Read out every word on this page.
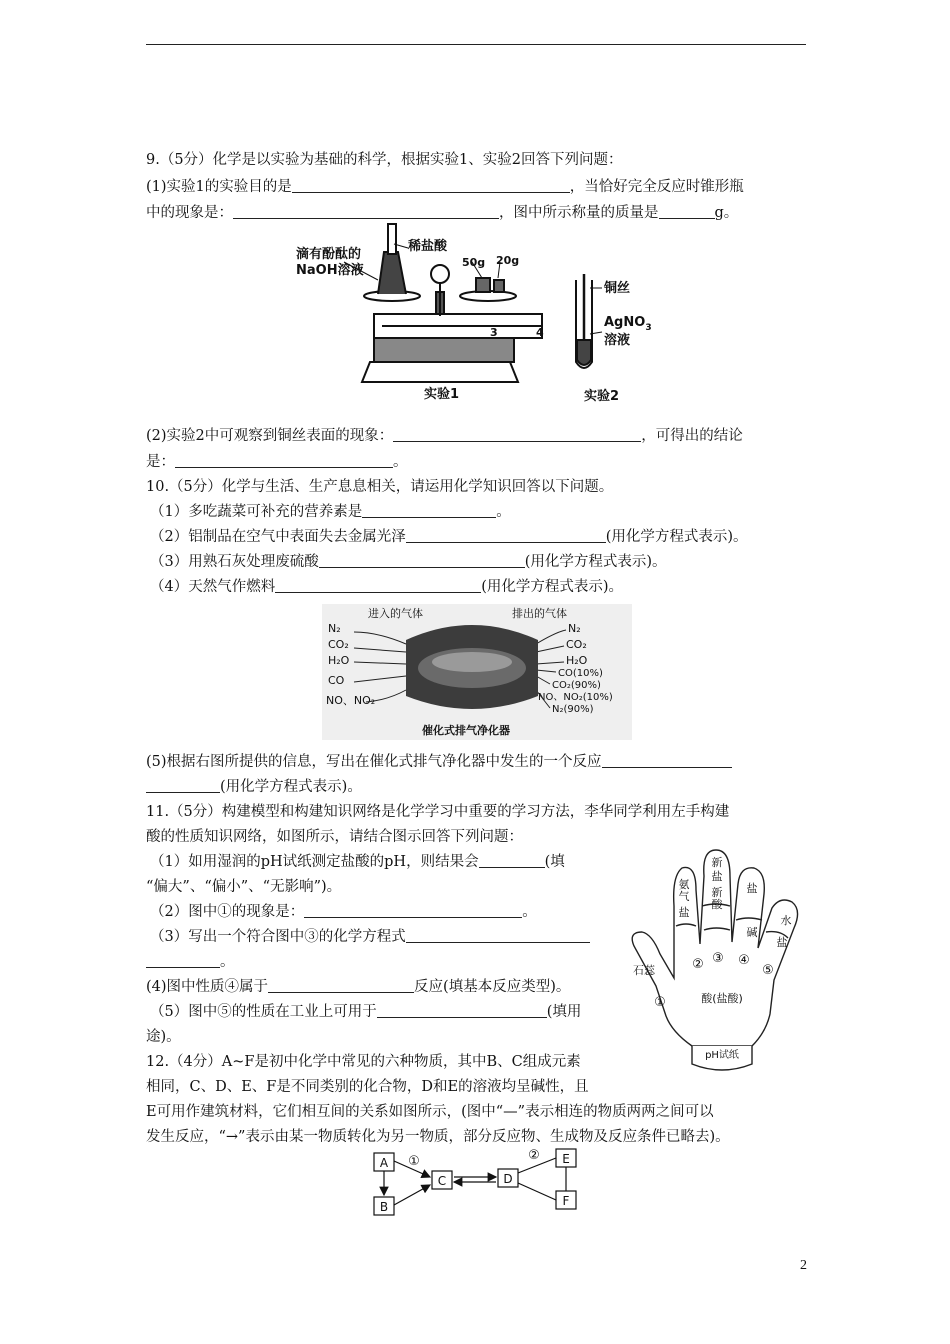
9.（5分）化学是以实验为基础的科学，根据实验1、实验2回答下列问题：
(1)实验1的实验目的是	，当恰好完全反应时锥形瓶
中的现象是：	，图中所示称量的质量是	g。
滴有酚酞的
NaOH溶液
稀盐酸
50g 20g
3	4
铜丝
AgNO$_3$
溶液
实验1	实验2
(2)实验2中可观察到铜丝表面的现象：	，可得出的结论
是：	。
10.（5分）化学与生活、生产息息相关，请运用化学知识回答以下问题。
（1）多吃蔬菜可补充的营养素是	。
（2）铝制品在空气中表面失去金属光泽	(用化学方程式表示)。
（3）用熟石灰处理废硫酸	(用化学方程式表示)。
（4）天然气作燃料	(用化学方程式表示)。
进入的气体	排出的气体
N₂
CO₂
H₂O
CO
NO、NO₂
N₂
CO₂
H₂O
CO(10%)
CO₂(90%)
NO、NO₂(10%)
N₂(90%)
催化式排气净化器
(5)根据右图所提供的信息，写出在催化式排气净化器中发生的一个反应
(用化学方程式表示)。
11.（5分）构建模型和构建知识网络是化学学习中重要的学习方法，李华同学利用左手构建
酸的性质知识网络，如图所示，请结合图示回答下列问题：
（1）如用湿润的pH试纸测定盐酸的pH，则结果会	(填
“偏大”、“偏小”、“无影响”)。
（2）图中①的现象是：	。
（3）写出一个符合图中③的化学方程式
。
(4)图中性质④属于	反应(填基本反应类型)。
（5）图中⑤的性质在工业上可用于	(填用
途)。
氨
气
盐
新
盐
新
酸
盐
碱
水
盐
石蕊
酸(盐酸)
pH试纸
①
② ③ ④
⑤
12.（4分）A~F是初中化学中常见的六种物质，其中B、C组成元素
相同，C、D、E、F是不同类别的化合物，D和E的溶液均呈碱性，且
E可用作建筑材料，它们相互间的关系如图所示，(图中“—”表示相连的物质两两之间可以
发生反应，“→”表示由某一物质转化为另一物质，部分反应物、生成物及反应条件已略去)。
A
B
C	D
E
F
①	②
2
